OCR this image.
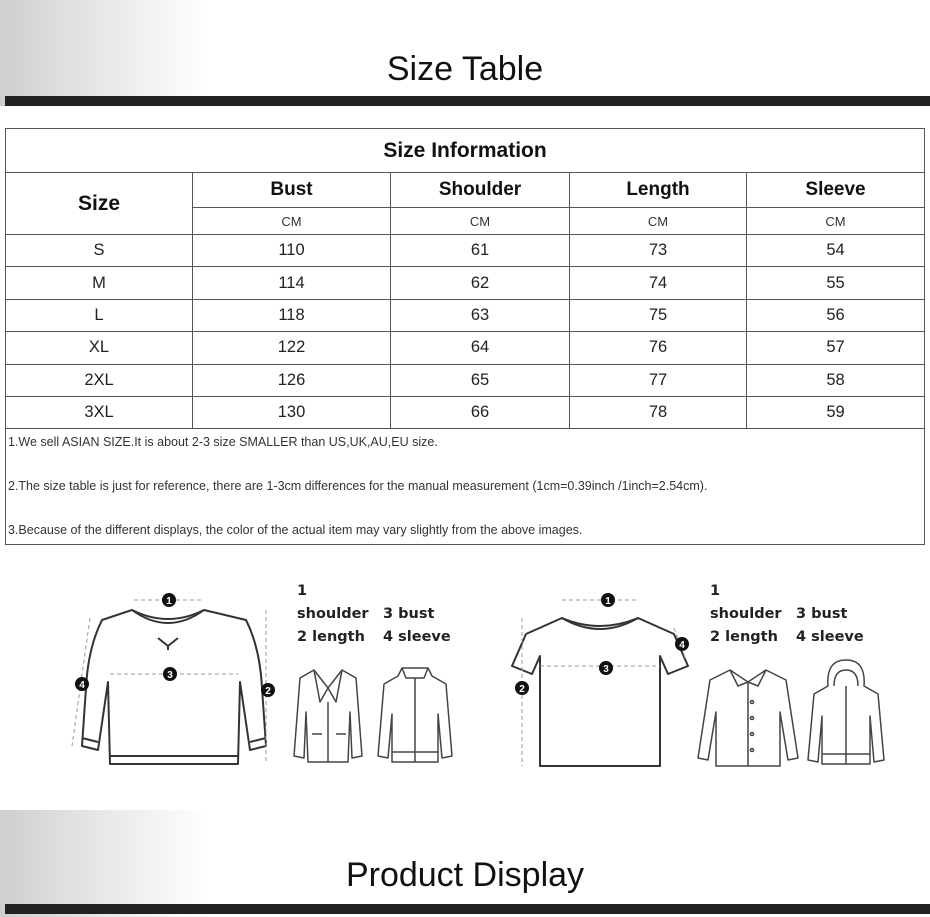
Size Table
Size Information				
Size	Bust	Shoulder	Length	Sleeve
	CM	CM	CM	CM
S	110	61	73	54
M	114	62	74	55
L	118	63	75	56
XL	122	64	76	57
2XL	126	65	77	58
3XL	130	66	78	59

1.We sell ASIAN SIZE.It is about 2-3 size SMALLER than US,UK,AU,EU size.

2.The size table is just for reference, there are 1-3cm differences for the manual measurement (1cm=0.39inch /1inch=2.54cm).

3.Because of the different displays, the color of the actual item may vary slightly from the above images.				

1
3
2
4
1 shoulder 3 bust
2 length 4 sleeve
1
3
2
4
1 shoulder 3 bust
2 length 4 sleeve
Product Display
